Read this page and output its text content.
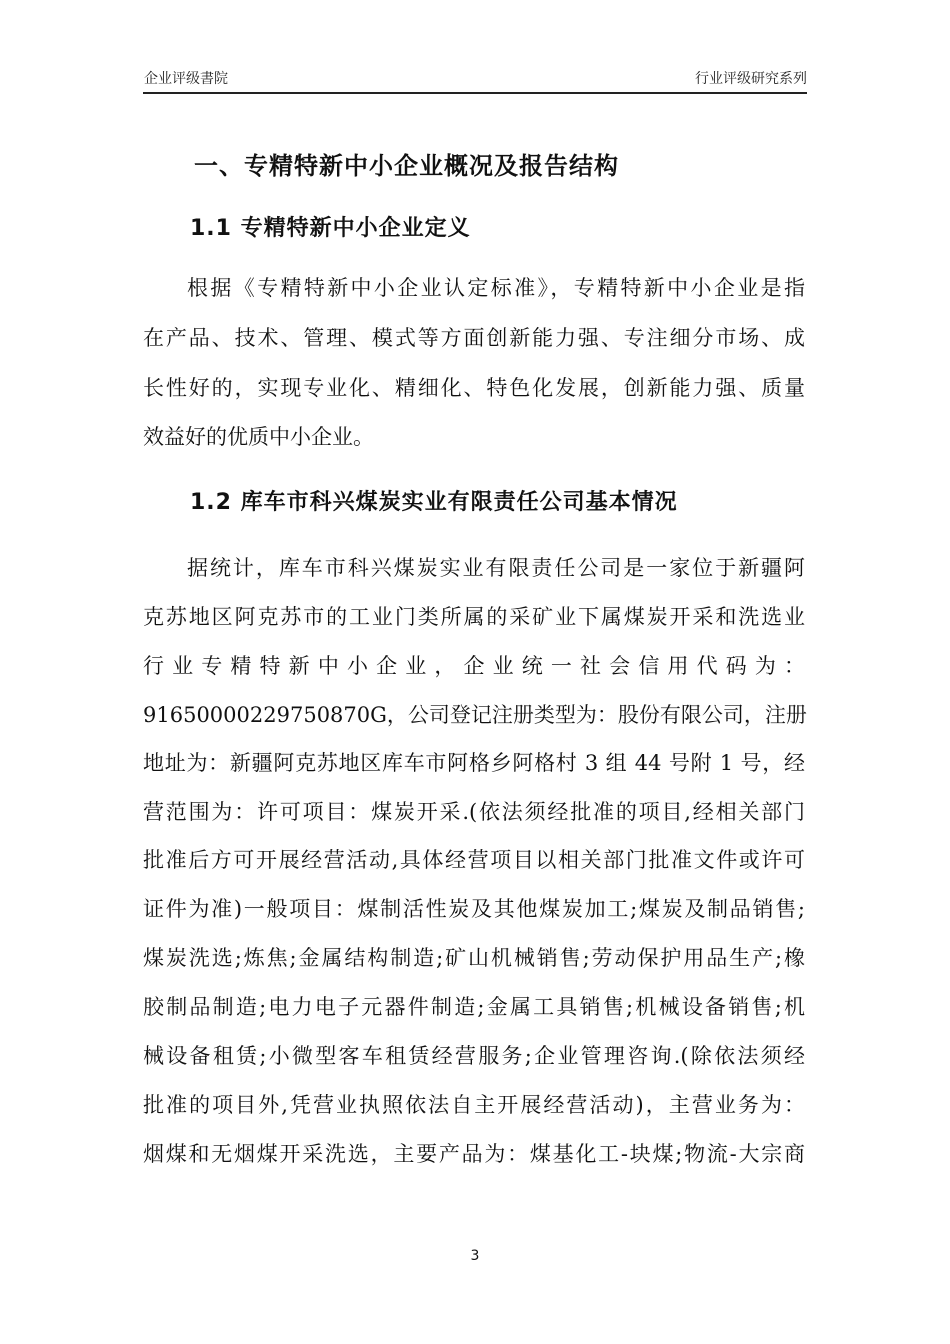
企业评级書院	行业评级研究系列
一、专精特新中小企业概况及报告结构
1.1 专精特新中小企业定义
根据《专精特新中小企业认定标准》，专精特新中小企业是指
在产品、技术、管理、模式等方面创新能力强、专注细分市场、成
长性好的，实现专业化、精细化、特色化发展，创新能力强、质量
效益好的优质中小企业。
1.2 库车市科兴煤炭实业有限责任公司基本情况
据统计，库车市科兴煤炭实业有限责任公司是一家位于新疆阿
克苏地区阿克苏市的工业门类所属的采矿业下属煤炭开采和洗选业
行业专精特新中小企业，企业统一社会信用代码为：
91650000229750870G，公司登记注册类型为：股份有限公司，注册
地址为：新疆阿克苏地区库车市阿格乡阿格村 3 组 44 号附 1 号，经
营范围为：许可项目：煤炭开采.(依法须经批准的项目,经相关部门
批准后方可开展经营活动,具体经营项目以相关部门批准文件或许可
证件为准)一般项目：煤制活性炭及其他煤炭加工;煤炭及制品销售;
煤炭洗选;炼焦;金属结构制造;矿山机械销售;劳动保护用品生产;橡
胶制品制造;电力电子元器件制造;金属工具销售;机械设备销售;机
械设备租赁;小微型客车租赁经营服务;企业管理咨询.(除依法须经
批准的项目外,凭营业执照依法自主开展经营活动)，主营业务为：
烟煤和无烟煤开采洗选，主要产品为：煤基化工-块煤;物流-大宗商
3
